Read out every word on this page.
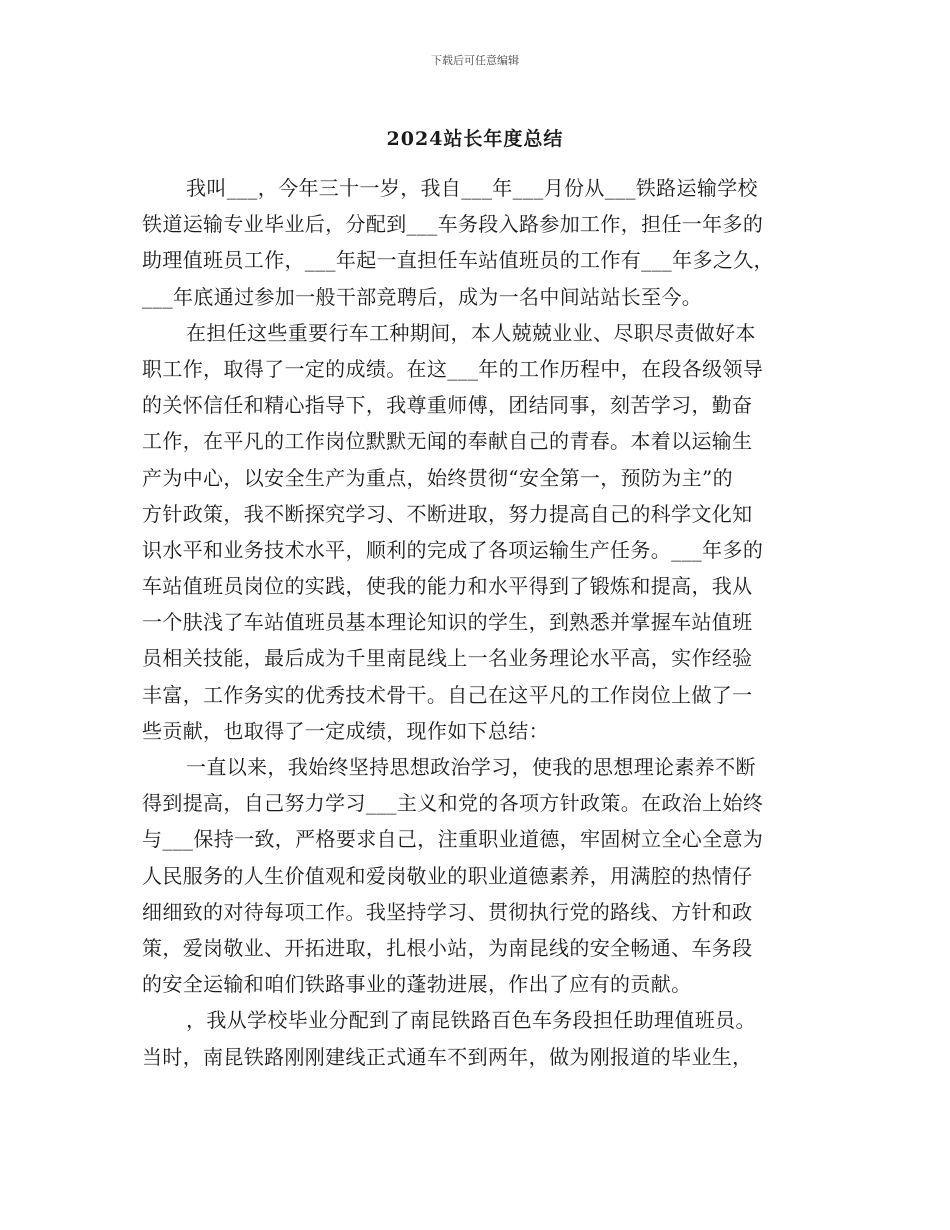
下载后可任意编辑
2024站长年度总结
我叫___，今年三十一岁，我自___年___月份从___铁路运输学校
铁道运输专业毕业后，分配到___车务段入路参加工作，担任一年多的
助理值班员工作，___年起一直担任车站值班员的工作有___年多之久，
___年底通过参加一般干部竞聘后，成为一名中间站站长至今。
在担任这些重要行车工种期间，本人兢兢业业、尽职尽责做好本
职工作，取得了一定的成绩。在这___年的工作历程中，在段各级领导
的关怀信任和精心指导下，我尊重师傅，团结同事，刻苦学习，勤奋
工作，在平凡的工作岗位默默无闻的奉献自己的青春。本着以运输生
产为中心，以安全生产为重点，始终贯彻“安全第一，预防为主”的
方针政策，我不断探究学习、不断进取，努力提高自己的科学文化知
识水平和业务技术水平，顺利的完成了各项运输生产任务。___年多的
车站值班员岗位的实践，使我的能力和水平得到了锻炼和提高，我从
一个肤浅了车站值班员基本理论知识的学生，到熟悉并掌握车站值班
员相关技能，最后成为千里南昆线上一名业务理论水平高，实作经验
丰富，工作务实的优秀技术骨干。自己在这平凡的工作岗位上做了一
些贡献，也取得了一定成绩，现作如下总结：
一直以来，我始终坚持思想政治学习，使我的思想理论素养不断
得到提高，自己努力学习___主义和党的各项方针政策。在政治上始终
与___保持一致，严格要求自己，注重职业道德，牢固树立全心全意为
人民服务的人生价值观和爱岗敬业的职业道德素养，用满腔的热情仔
细细致的对待每项工作。我坚持学习、贯彻执行党的路线、方针和政
策，爱岗敬业、开拓进取，扎根小站，为南昆线的安全畅通、车务段
的安全运输和咱们铁路事业的蓬勃进展，作出了应有的贡献。
，我从学校毕业分配到了南昆铁路百色车务段担任助理值班员。
当时，南昆铁路刚刚建线正式通车不到两年，做为刚报道的毕业生，
